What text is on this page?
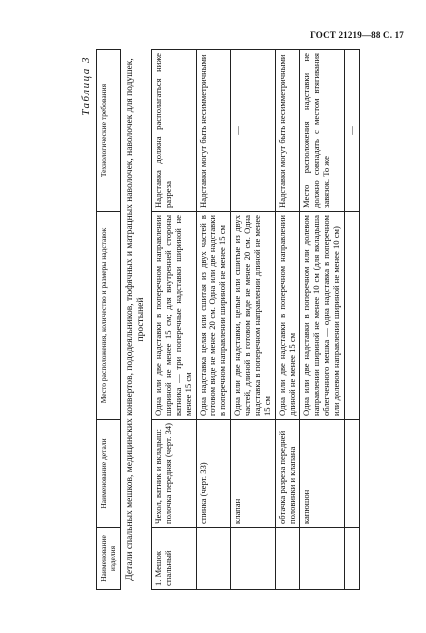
ГОСТ 21219—88 С. 17
Таблица 3
Наименование изделия	Наименование детали	Место расположения, количество и размеры надставок	Технологические требования
Детали спальных мешков, медицинских конвертов, пододеяльников, тюфячных и матрацных наволочек, наволочек для подушек, простыней			
1. Мешок спальный	Чехол, ватник и вкладыш: полочка передняя (черт. 34)	Одна или две надставки в поперечном направлении шириной не менее 15 см; для внутренней стороны ватника — три поперечные надставки шириной не менее 15 см	Надставка должна располагаться ниже разреза
	спинка (черт. 33)	Одна надставка целая или сшитая из двух частей в готовом виде не менее 20 см. Одна или две надставки в поперечном направлении шириной не менее 15 см	Надставки могут быть несимметричными
	клапан	Одна или две надставки, целые или сшитые из двух частей, длиной в готовом виде не менее 20 см. Одна надставка в поперечном направлении длиной не менее 15 см	—
	обтачка разреза передней половинки и клапана	Одна или две надставки в поперечном направлении длиной не менее 15 см	Надставки могут быть несимметричными
	капюшон	Одна или две надставки в поперечном или долевом направлении шириной не менее 10 см (для вкладыша облегченного мешка — одна надставка в поперечном или долевом направлении шириной не менее 10 см)	Место расположения надставки не должно совпадать с местом втягивания завязок. То же
			—
